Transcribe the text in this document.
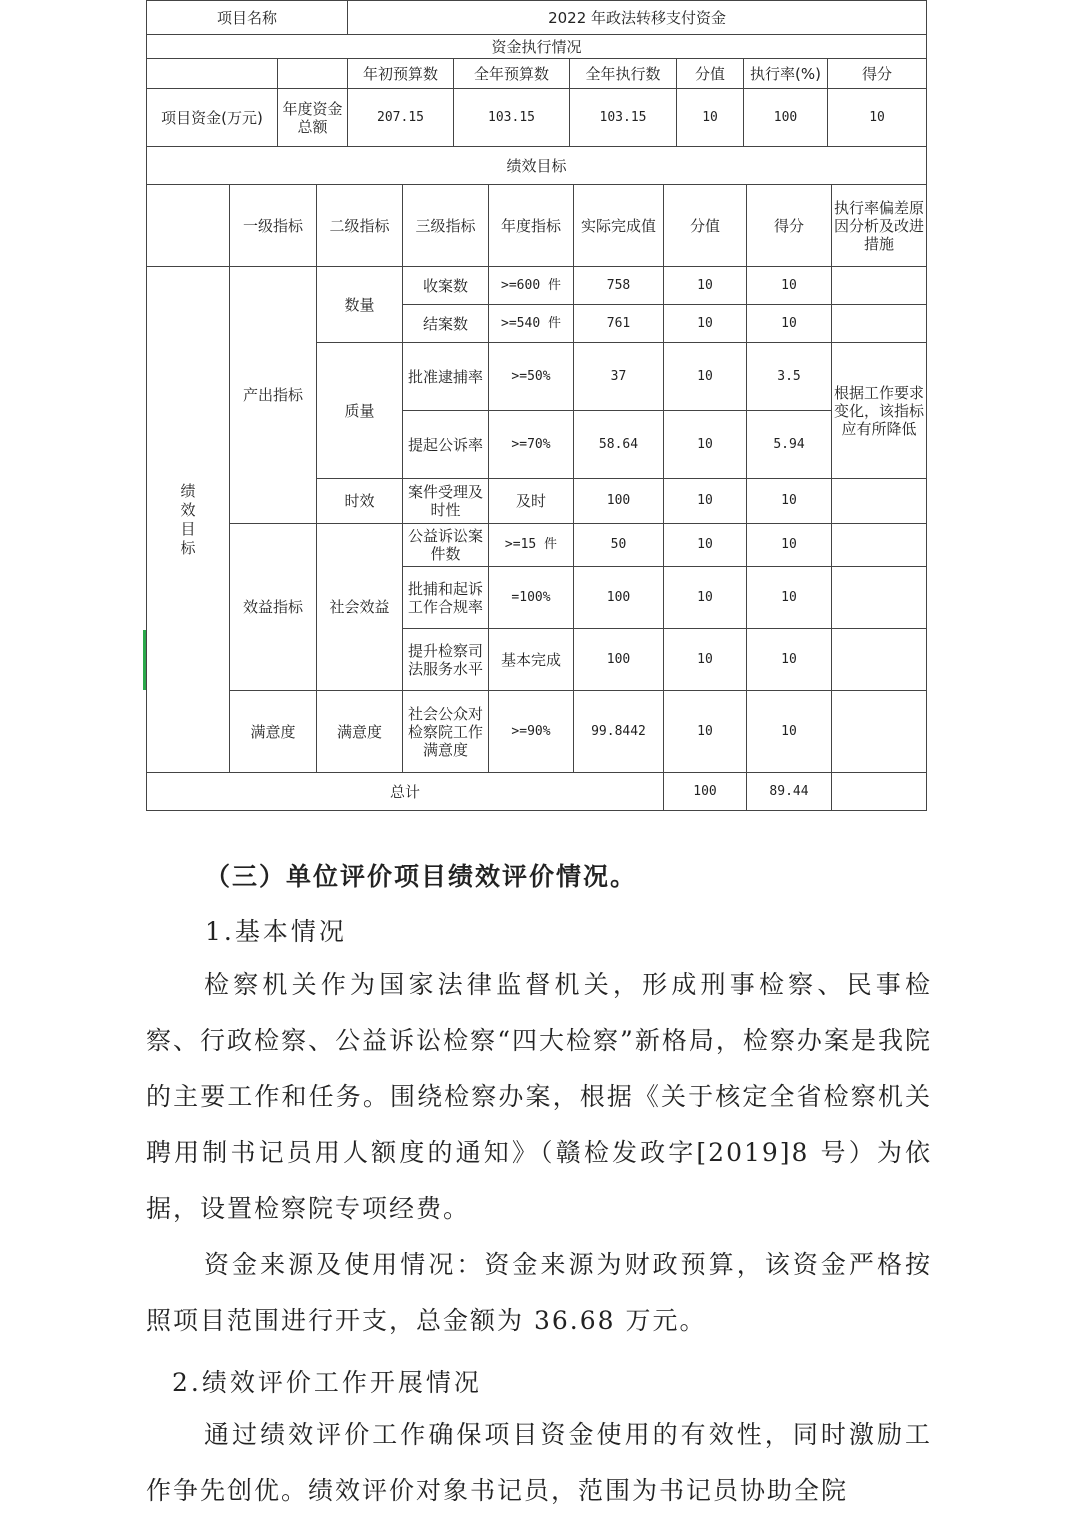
项目名称		2022 年政法转移支付资金					
资金执行情况							
		年初预算数	全年预算数	全年执行数	分值	执行率(%)	得分
项目资金(万元)	年度资金总额	207.15	103.15	103.15	10	100	10
绩效目标								
	一级指标	二级指标	三级指标	年度指标	实际完成值	分值	得分	执行率偏差原因分析及改进措施

绩效目标	产出指标	数量	收案数	>=600 件	758	10	10	
			结案数	>=540 件	761	10	10	
		质量	批准逮捕率	>=50%	37	10	3.5	根据工作要求变化，该指标应有所降低
			提起公诉率	>=70%	58.64	10	5.94	
		时效	案件受理及时性	及时	100	10	10	
	效益指标	社会效益	公益诉讼案件数	>=15 件	50	10	10	
			批捕和起诉工作合规率	=100%	100	10	10	
			提升检察司法服务水平	基本完成	100	10	10	
	满意度	满意度	社会公众对检察院工作满意度	>=90%	99.8442	10	10	
总计						100	89.44	

（三）单位评价项目绩效评价情况。

1.基本情况

检察机关作为国家法律监督机关，形成刑事检察、民事检察、行政检察、公益诉讼检察“四大检察”新格局，检察办案是我院的主要工作和任务。围绕检察办案，根据《关于核定全省检察机关聘用制书记员用人额度的通知》（赣检发政字[2019]8 号）为依据，设置检察院专项经费。

资金来源及使用情况：资金来源为财政预算，该资金严格按照项目范围进行开支，总金额为 36.68 万元。

2.绩效评价工作开展情况

通过绩效评价工作确保项目资金使用的有效性，同时激励工作争先创优。绩效评价对象书记员，范围为书记员协助全院
